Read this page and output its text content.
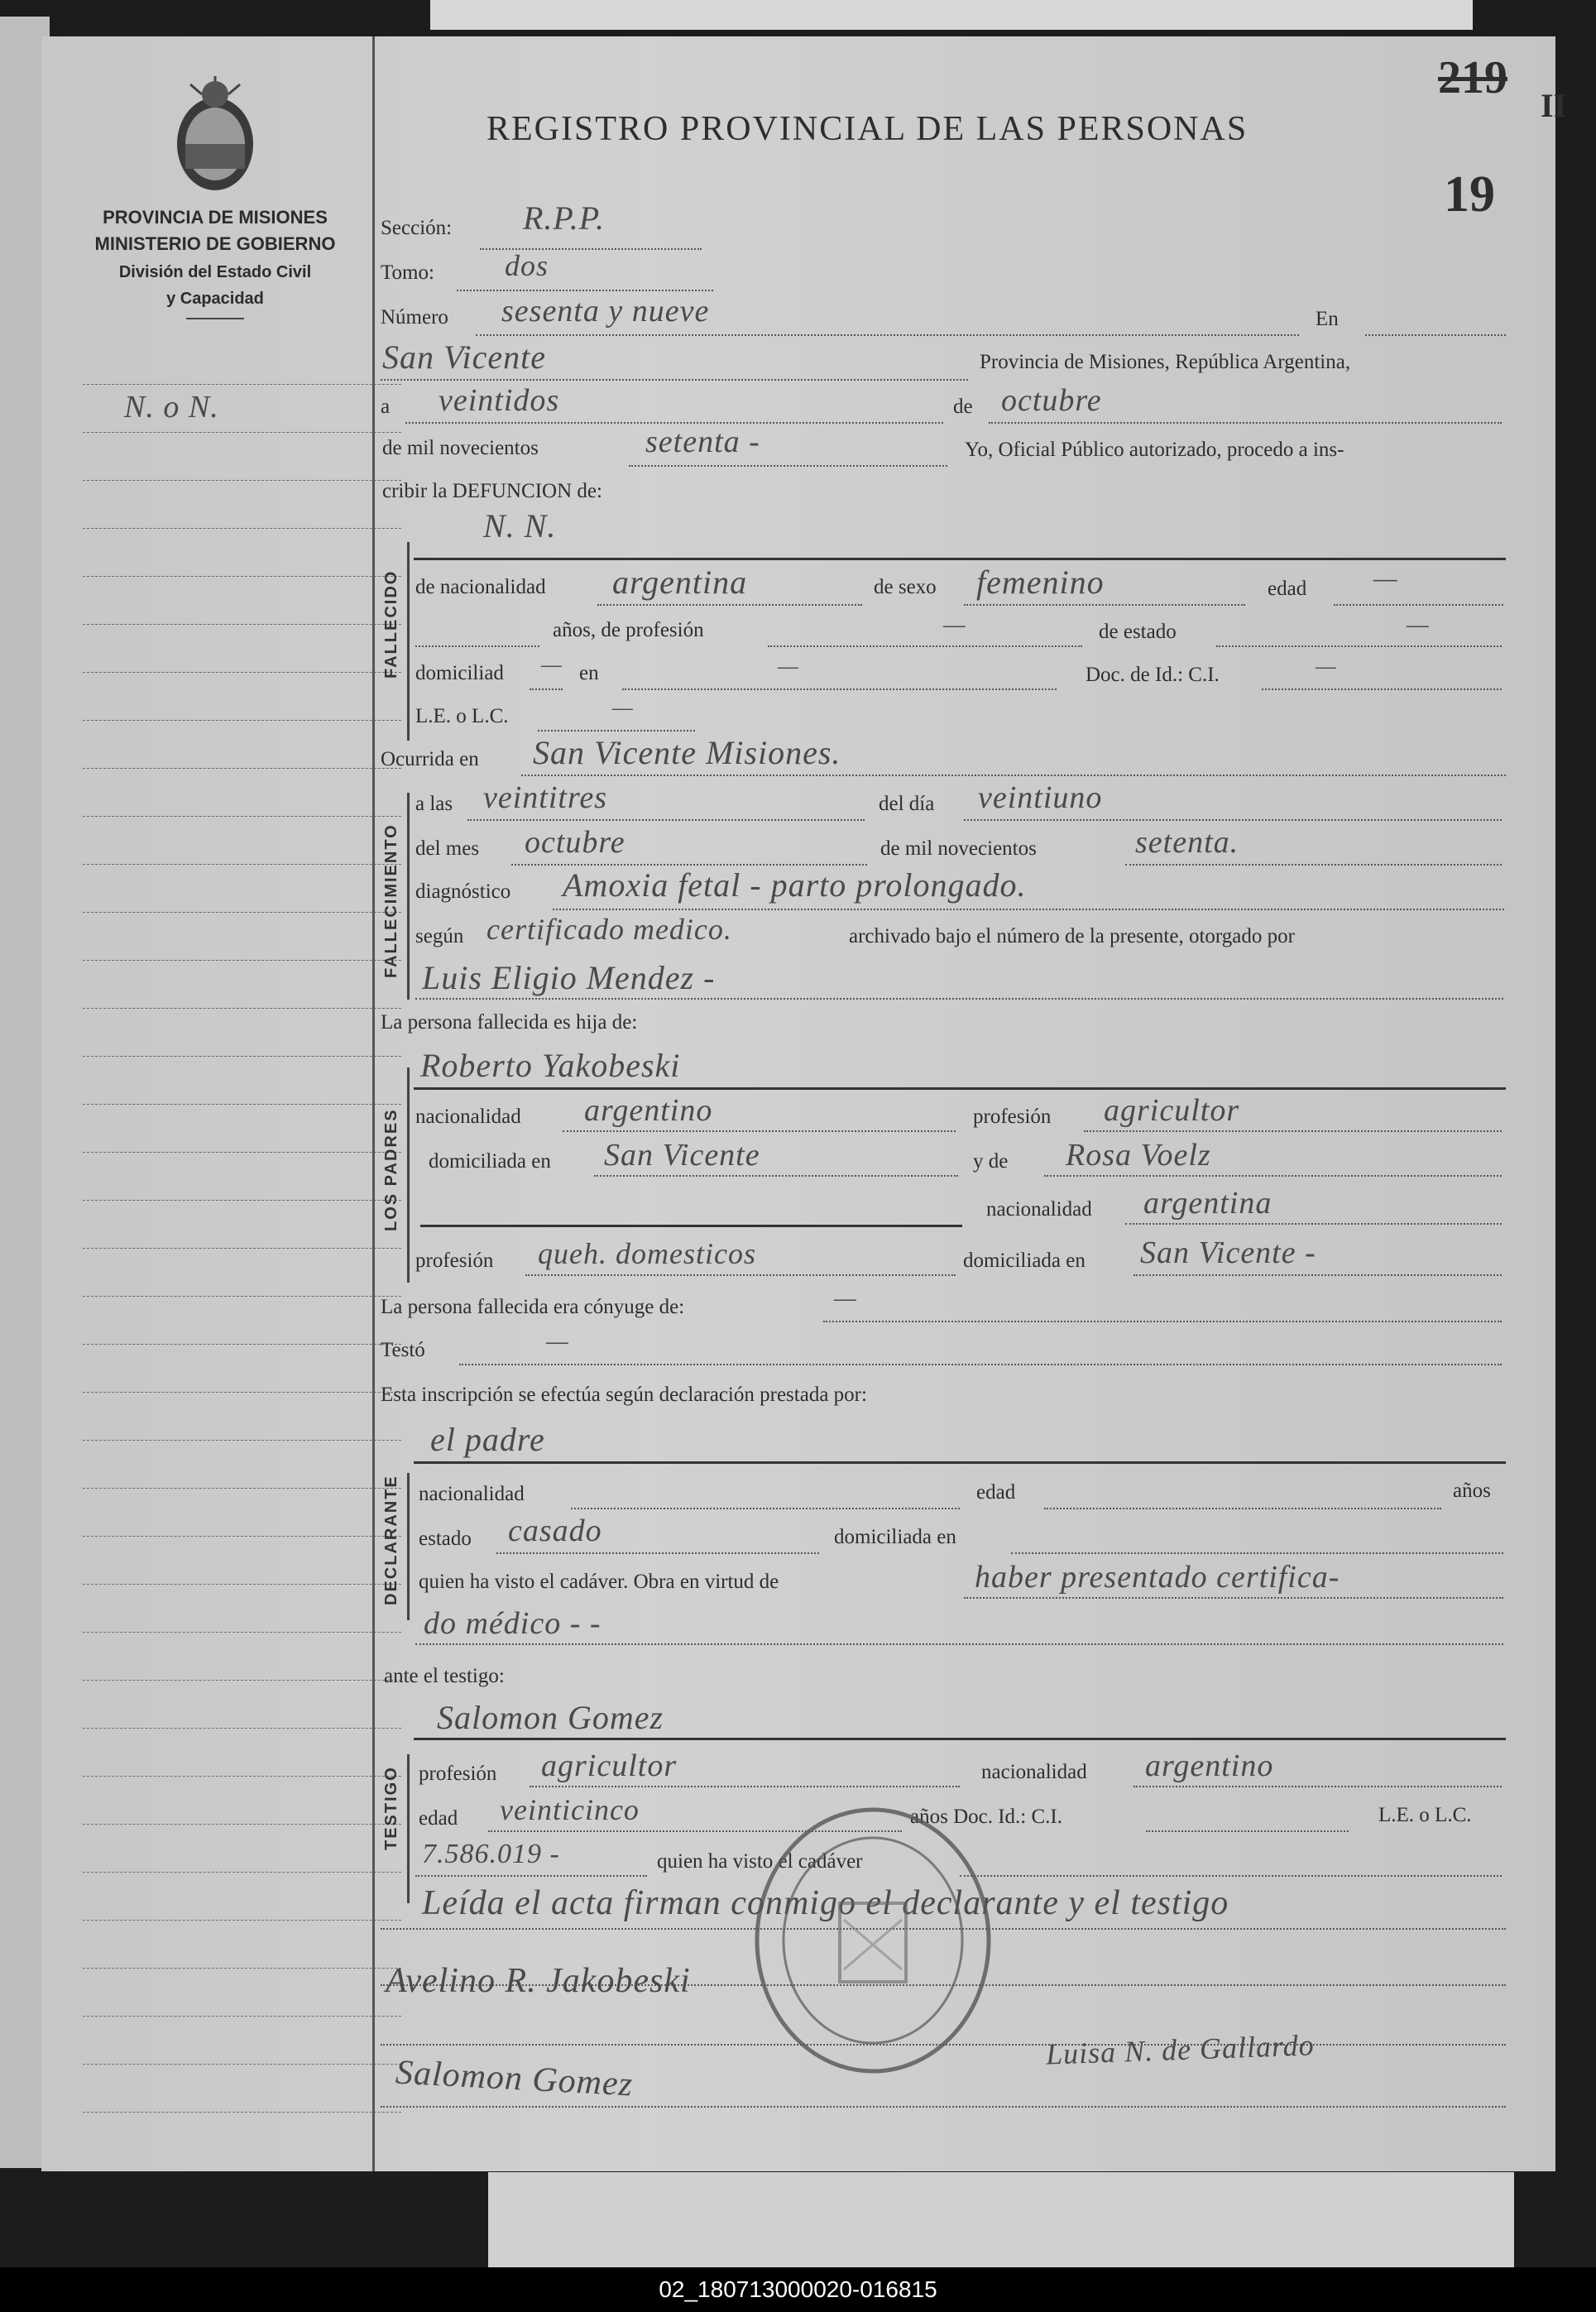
PROVINCIA DE MISIONES
MINISTERIO DE GOBIERNO
División del Estado Civil
y Capacidad
N. o N.
219
II
19
REGISTRO PROVINCIAL DE LAS PERSONAS
Sección: R.P.P.
Tomo: dos
Número sesenta y nueve	En
San Vicente	Provincia de Misiones, República Argentina,
a veintidos	de octubre
de mil novecientos	setenta -	Yo, Oficial Público autorizado, procedo a ins-
cribir la DEFUNCION de:
FALLECIDO
N. N.
de nacionalidad argentina	de sexo femenino	edad	—
años, de profesión	—	de estado	—
domiciliad — en	—	Doc. de Id.: C.I.	—
L.E. o L.C.	—
Ocurrida en San Vicente Misiones.
FALLECIMIENTO
a las veintitres	del día veintiuno
del mes octubre	de mil novecientos	setenta.
diagnóstico Amoxia fetal - parto prolongado.
según certificado medico.	archivado bajo el número de la presente, otorgado por
Luis Eligio Mendez -
La persona fallecida es hija de:
LOS PADRES
Roberto Yakobeski
nacionalidad argentino	profesión agricultor
domiciliada en San Vicente	y de Rosa Voelz
nacionalidad argentina
profesión queh. domesticos	domiciliada en San Vicente -
La persona fallecida era cónyuge de:	—
Testó	—
Esta inscripción se efectúa según declaración prestada por:
DECLARANTE
el padre
nacionalidad	edad	años
estado casado	domiciliada en
quien ha visto el cadáver. Obra en virtud de	haber presentado certifica-
do médico - -
ante el testigo:
TESTIGO
Salomon Gomez
profesión agricultor	nacionalidad argentino
edad veinticinco	años Doc. Id.: C.I.	L.E. o L.C.
7.586.019 -	quien ha visto el cadáver
Leída el acta firman conmigo el declarante y el testigo
Avelino R. Jakobeski
Salomon Gomez
Luisa N. de Gallardo
02_180713000020-016815
